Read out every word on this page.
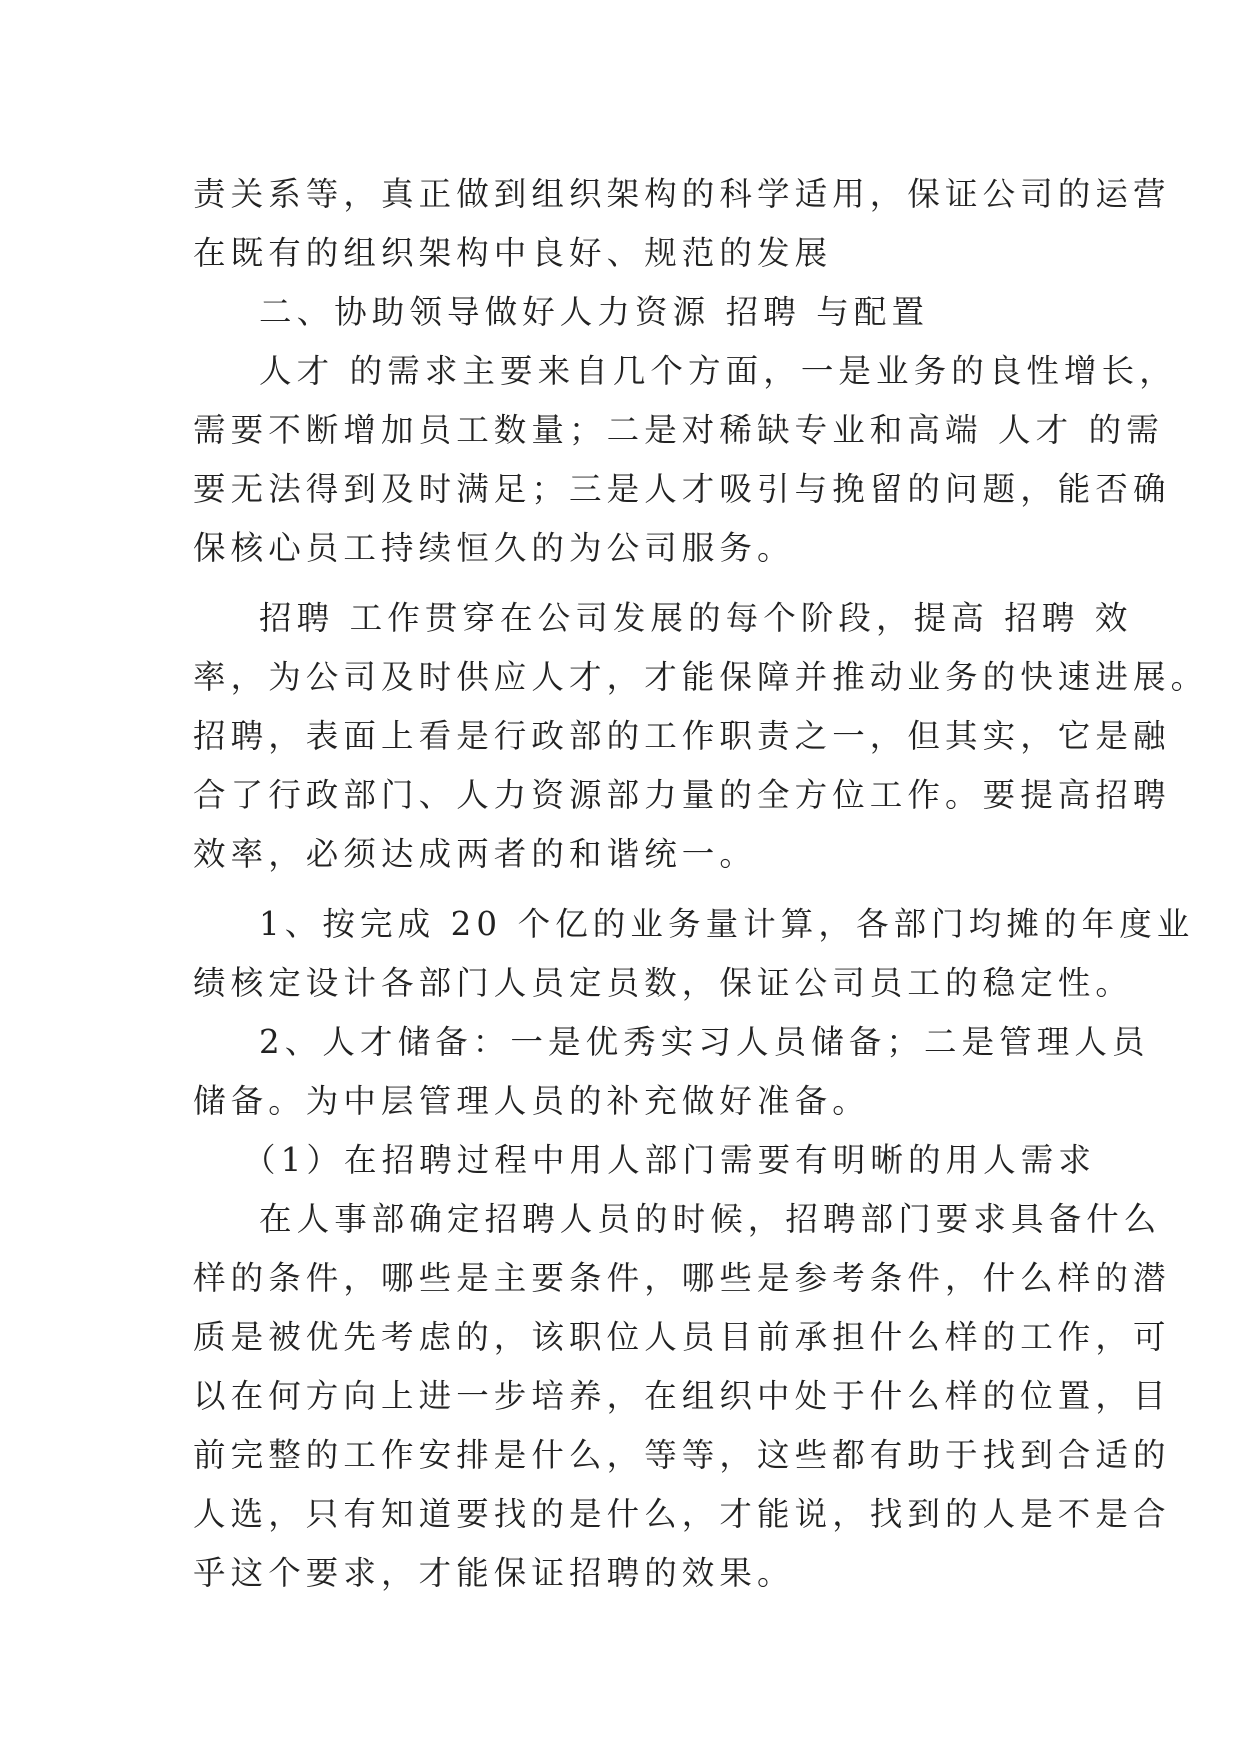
责关系等，真正做到组织架构的科学适用，保证公司的运营
在既有的组织架构中良好、规范的发展
二、协助领导做好人力资源 招聘 与配置
人才 的需求主要来自几个方面，一是业务的良性增长，
需要不断增加员工数量；二是对稀缺专业和高端 人才 的需
要无法得到及时满足；三是人才吸引与挽留的问题，能否确
保核心员工持续恒久的为公司服务。
招聘 工作贯穿在公司发展的每个阶段，提高 招聘 效
率，为公司及时供应人才，才能保障并推动业务的快速进展。
招聘，表面上看是行政部的工作职责之一，但其实，它是融
合了行政部门、人力资源部力量的全方位工作。要提高招聘
效率，必须达成两者的和谐统一。
1、按完成 20 个亿的业务量计算，各部门均摊的年度业
绩核定设计各部门人员定员数，保证公司员工的稳定性。
2、人才储备：一是优秀实习人员储备；二是管理人员
储备。为中层管理人员的补充做好准备。
（1）在招聘过程中用人部门需要有明晰的用人需求
在人事部确定招聘人员的时候，招聘部门要求具备什么
样的条件，哪些是主要条件，哪些是参考条件，什么样的潜
质是被优先考虑的，该职位人员目前承担什么样的工作，可
以在何方向上进一步培养，在组织中处于什么样的位置，目
前完整的工作安排是什么，等等，这些都有助于找到合适的
人选，只有知道要找的是什么，才能说，找到的人是不是合
乎这个要求，才能保证招聘的效果。
